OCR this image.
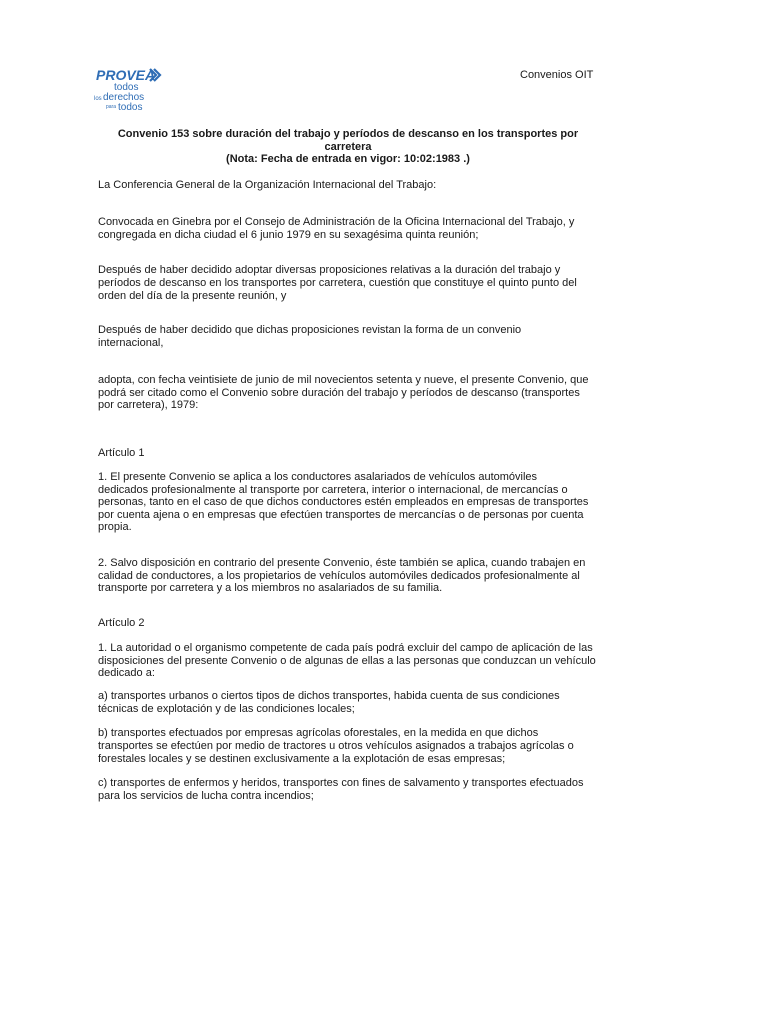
PROVEA
todos
los derechos
para todos
Convenios OIT
Convenio 153 sobre duración del trabajo y períodos de descanso en los transportes por
carretera
(Nota: Fecha de entrada en vigor: 10:02:1983 .)

La Conferencia General de la Organización Internacional del Trabajo:

Convocada en Ginebra por el Consejo de Administración de la Oficina Internacional del Trabajo, y congregada en dicha ciudad el 6 junio 1979 en su sexagésima quinta reunión;

Después de haber decidido adoptar diversas proposiciones relativas a la duración del trabajo y períodos de descanso en los transportes por carretera, cuestión que constituye el quinto punto del orden del día de la presente reunión, y

Después de haber decidido que dichas proposiciones revistan la forma de un convenio internacional,

adopta, con fecha veintisiete de junio de mil novecientos setenta y nueve, el presente Convenio, que podrá ser citado como el Convenio sobre duración del trabajo y períodos de descanso (transportes por carretera), 1979:

Artículo 1

1. El presente Convenio se aplica a los conductores asalariados de vehículos automóviles dedicados profesionalmente al transporte por carretera, interior o internacional, de mercancías o personas, tanto en el caso de que dichos conductores estén empleados en empresas de transportes por cuenta ajena o en empresas que efectúen transportes de mercancías o de personas por cuenta propia.

2. Salvo disposición en contrario del presente Convenio, éste también se aplica, cuando trabajen en calidad de conductores, a los propietarios de vehículos automóviles dedicados profesionalmente al transporte por carretera y a los miembros no asalariados de su familia.

Artículo 2

1. La autoridad o el organismo competente de cada país podrá excluir del campo de aplicación de las disposiciones del presente Convenio o de algunas de ellas a las personas que conduzcan un vehículo dedicado a:

a) transportes urbanos o ciertos tipos de dichos transportes, habida cuenta de sus condiciones técnicas de explotación y de las condiciones locales;

b) transportes efectuados por empresas agrícolas oforestales, en la medida en que dichos transportes se efectúen por medio de tractores u otros vehículos asignados a trabajos agrícolas o forestales locales y se destinen exclusivamente a la explotación de esas empresas;

c) transportes de enfermos y heridos, transportes con fines de salvamento y transportes efectuados para los servicios de lucha contra incendios;
